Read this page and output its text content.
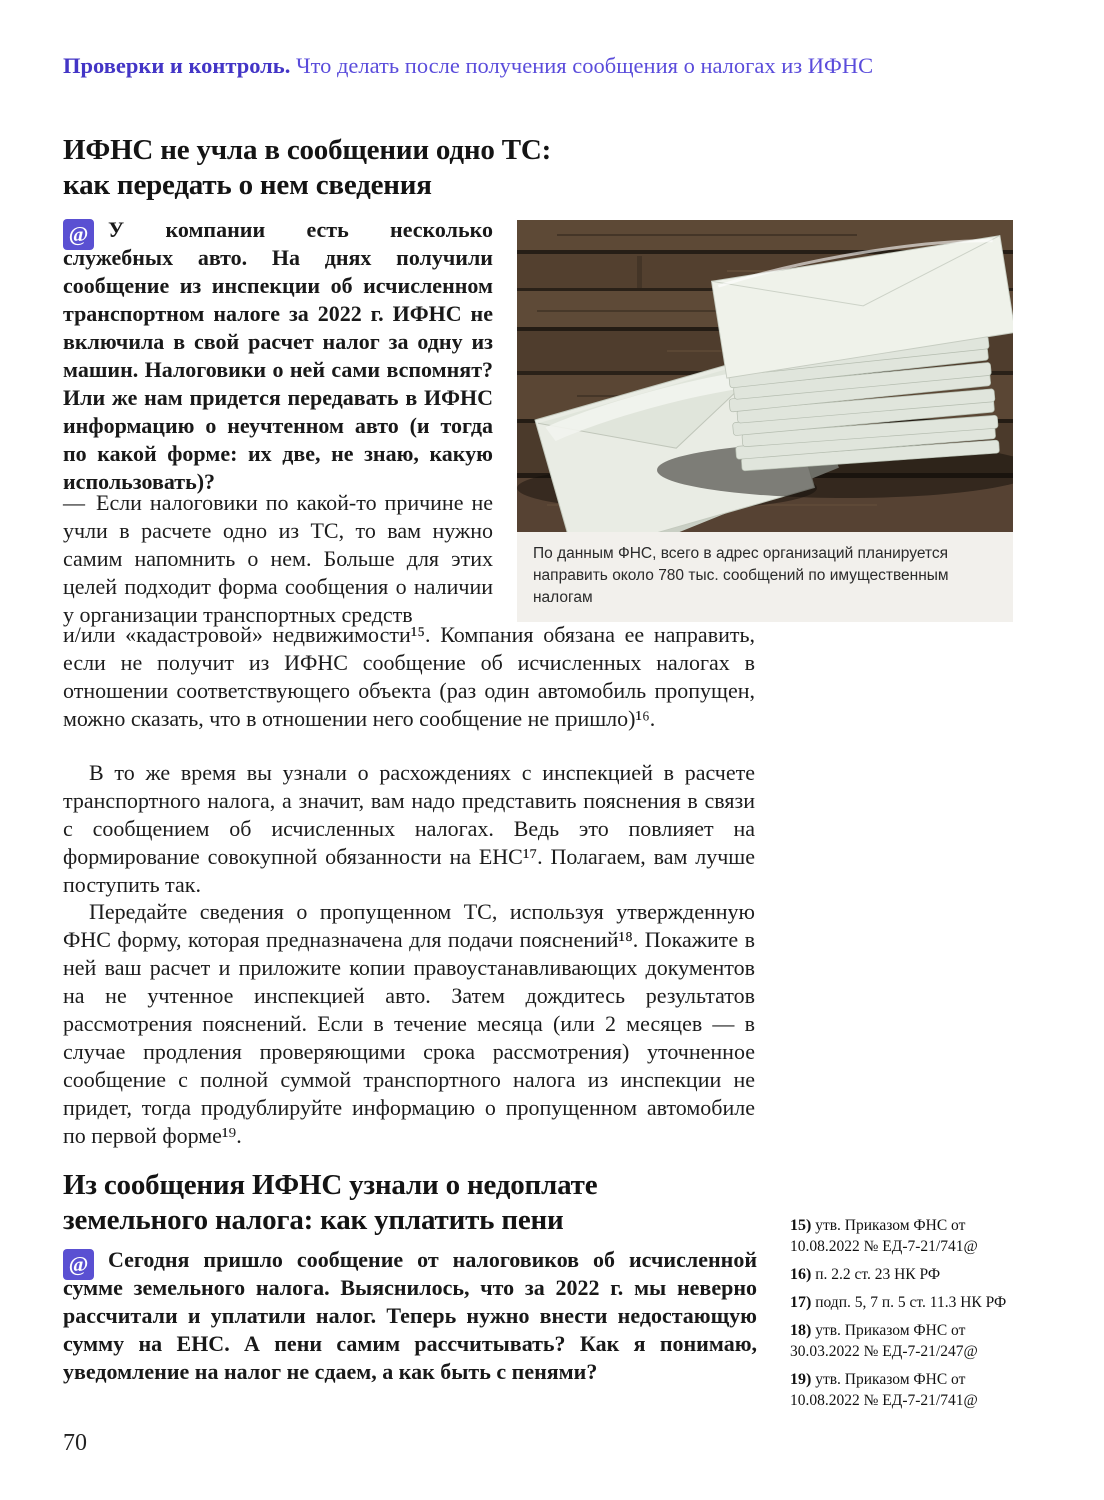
Проверки и контроль. Что делать после получения сообщения о налогах из ИФНС
ИФНС не учла в сообщении одно ТС:
как передать о нем сведения
@ У компании есть несколько служебных авто. На днях получили сообщение из инспекции об исчисленном транспортном налоге за 2022 г. ИФНС не включила в свой расчет налог за одну из машин. Налоговики о ней сами вспомнят? Или же нам придется передавать в ИФНС информацию о неучтенном авто (и тогда по какой форме: их две, не знаю, какую использовать)?
— Если налоговики по какой-то причине не учли в расчете одно из ТС, то вам нужно самим напомнить о нем. Больше для этих целей подходит форма сообщения о наличии у организации транспортных средств
и/или «кадастровой» недвижимости¹⁵. Компания обязана ее направить, если не получит из ИФНС сообщение об исчисленных налогах в отношении соответствующего объекта (раз один автомобиль пропущен, можно сказать, что в отношении него сообщение не пришло)¹⁶.
В то же время вы узнали о расхождениях с инспекцией в расчете транспортного налога, а значит, вам надо представить пояснения в связи с сообщением об исчисленных налогах. Ведь это повлияет на формирование совокупной обязанности на ЕНС¹⁷. Полагаем, вам лучше поступить так.
Передайте сведения о пропущенном ТС, используя утвержденную ФНС форму, которая предназначена для подачи пояснений¹⁸. Покажите в ней ваш расчет и приложите копии правоустанавливающих документов на не учтенное инспекцией авто. Затем дождитесь результатов рассмотрения пояснений. Если в течение месяца (или 2 месяцев — в случае продления проверяющими срока рассмотрения) уточненное сообщение с полной суммой транспортного налога из инспекции не придет, тогда продублируйте информацию о пропущенном автомобиле по первой форме¹⁹.
По данным ФНС, всего в адрес организаций планируется направить около 780 тыс. сообщений по имущественным налогам
Из сообщения ИФНС узнали о недоплате
земельного налога: как уплатить пени
@ Сегодня пришло сообщение от налоговиков об исчисленной сумме земельного налога. Выяснилось, что за 2022 г. мы неверно рассчитали и уплатили налог. Теперь нужно внести недостающую сумму на ЕНС. А пени самим рассчитывать? Как я понимаю, уведомление на налог не сдаем, а как быть с пенями?
15) утв. Приказом ФНС от 10.08.2022 № ЕД-7-21/741@
16) п. 2.2 ст. 23 НК РФ
17) подп. 5, 7 п. 5 ст. 11.3 НК РФ
18) утв. Приказом ФНС от 30.03.2022 № ЕД-7-21/247@
19) утв. Приказом ФНС от 10.08.2022 № ЕД-7-21/741@
70
